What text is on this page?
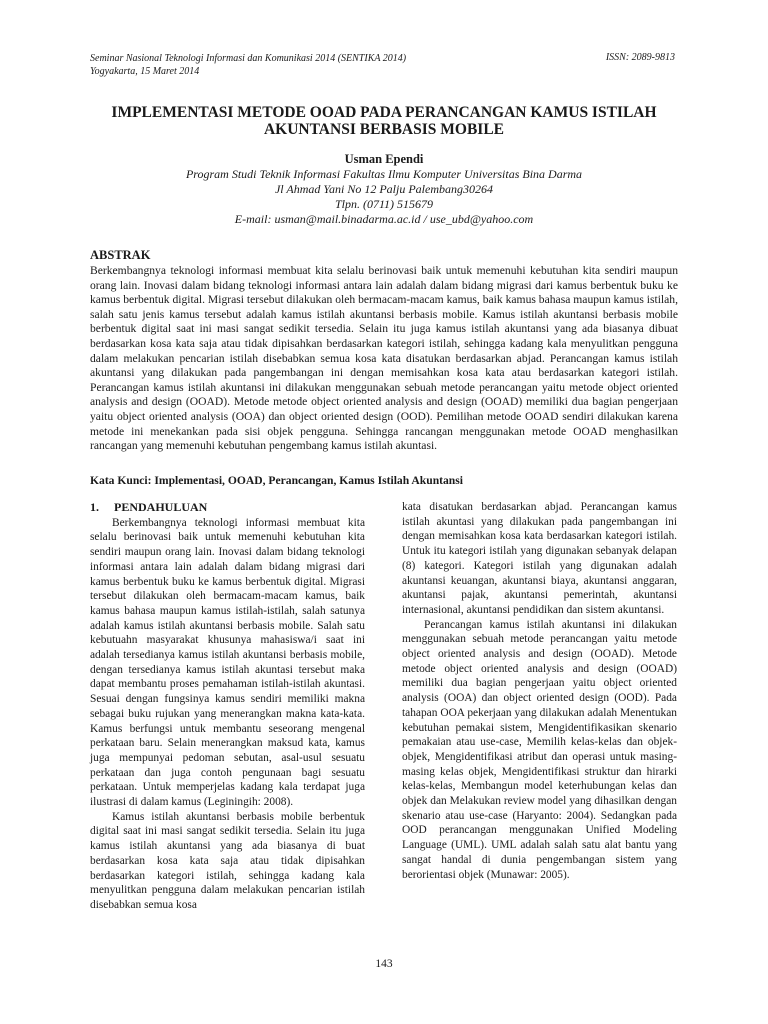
Seminar Nasional Teknologi Informasi dan Komunikasi 2014 (SENTIKA 2014)
Yogyakarta, 15 Maret 2014
ISSN: 2089-9813
IMPLEMENTASI METODE OOAD PADA PERANCANGAN KAMUS ISTILAH
AKUNTANSI BERBASIS MOBILE
Usman Ependi
Program Studi Teknik Informasi Fakultas Ilmu Komputer Universitas Bina Darma
Jl Ahmad Yani No 12 Palju Palembang30264
Tlpn. (0711) 515679
E-mail: usman@mail.binadarma.ac.id / use_ubd@yahoo.com
ABSTRAK
Berkembangnya teknologi informasi membuat kita selalu berinovasi baik untuk memenuhi kebutuhan kita sendiri maupun orang lain. Inovasi dalam bidang teknologi informasi antara lain adalah dalam bidang migrasi dari kamus berbentuk buku ke kamus berbentuk digital. Migrasi tersebut dilakukan oleh bermacam-macam kamus, baik kamus bahasa maupun kamus istilah, salah satu jenis kamus tersebut adalah kamus istilah akuntansi berbasis mobile. Kamus istilah akuntansi berbasis mobile berbentuk digital saat ini masi sangat sedikit tersedia. Selain itu juga kamus istilah akuntansi yang ada biasanya dibuat berdasarkan kosa kata saja atau tidak dipisahkan berdasarkan kategori istilah, sehingga kadang kala menyulitkan pengguna dalam melakukan pencarian istilah disebabkan semua kosa kata disatukan berdasarkan abjad. Perancangan kamus istilah akuntansi yang dilakukan pada pangembangan ini dengan memisahkan kosa kata atau berdasarkan kategori istilah. Perancangan kamus istilah akuntansi ini dilakukan menggunakan sebuah metode perancangan yaitu metode object oriented analysis and design (OOAD). Metode metode object oriented analysis and design (OOAD) memiliki dua bagian pengerjaan yaitu object oriented analysis (OOA) dan object oriented design (OOD). Pemilihan metode OOAD sendiri dilakukan karena metode ini menekankan pada sisi objek pengguna. Sehingga rancangan menggunakan metode OOAD menghasilkan rancangan yang memenuhi kebutuhan pengembang kamus istilah akuntasi.
Kata Kunci: Implementasi, OOAD, Perancangan, Kamus Istilah Akuntansi
1. PENDAHULUAN

Berkembangnya teknologi informasi membuat kita selalu berinovasi baik untuk memenuhi kebutuhan kita sendiri maupun orang lain. Inovasi dalam bidang teknologi informasi antara lain adalah dalam bidang migrasi dari kamus berbentuk buku ke kamus berbentuk digital. Migrasi tersebut dilakukan oleh bermacam-macam kamus, baik kamus bahasa maupun kamus istilah-istilah, salah satunya adalah kamus istilah akuntansi berbasis mobile. Salah satu kebutuahn masyarakat khusunya mahasiswa/i saat ini adalah tersedianya kamus istilah akuntansi berbasis mobile, dengan tersedianya kamus istilah akuntasi tersebut maka dapat membantu proses pemahaman istilah-istilah akuntasi. Sesuai dengan fungsinya kamus sendiri memiliki makna sebagai buku rujukan yang menerangkan makna kata-kata. Kamus berfungsi untuk membantu seseorang mengenal perkataan baru. Selain menerangkan maksud kata, kamus juga mempunyai pedoman sebutan, asal-usul sesuatu perkataan dan juga contoh pengunaan bagi sesuatu perkataan. Untuk memperjelas kadang kala terdapat juga ilustrasi di dalam kamus (Leginingih: 2008).

Kamus istilah akuntansi berbasis mobile berbentuk digital saat ini masi sangat sedikit tersedia. Selain itu juga kamus istilah akuntansi yang ada biasanya di buat berdasarkan kosa kata saja atau tidak dipisahkan berdasarkan kategori istilah, sehingga kadang kala menyulitkan pengguna dalam melakukan pencarian istilah disebabkan semua kosa

kata disatukan berdasarkan abjad. Perancangan kamus istilah akuntasi yang dilakukan pada pangembangan ini dengan memisahkan kosa kata berdasarkan kategori istilah. Untuk itu kategori istilah yang digunakan sebanyak delapan (8) kategori. Kategori istilah yang digunakan adalah akuntansi keuangan, akuntansi biaya, akuntansi anggaran, akuntansi pajak, akuntansi pemerintah, akuntansi internasional, akuntansi pendidikan dan sistem akuntansi.

Perancangan kamus istilah akuntansi ini dilakukan menggunakan sebuah metode perancangan yaitu metode object oriented analysis and design (OOAD). Metode metode object oriented analysis and design (OOAD) memiliki dua bagian pengerjaan yaitu object oriented analysis (OOA) dan object oriented design (OOD). Pada tahapan OOA pekerjaan yang dilakukan adalah Menentukan kebutuhan pemakai sistem, Mengidentifikasikan skenario pemakaian atau use-case, Memilih kelas-kelas dan objek-objek, Mengidentifikasi atribut dan operasi untuk masing-masing kelas objek, Mengidentifikasi struktur dan hirarki kelas-kelas, Membangun model keterhubungan kelas dan objek dan Melakukan review model yang dihasilkan dengan skenario atau use-case (Haryanto: 2004). Sedangkan pada OOD perancangan menggunakan Unified Modeling Language (UML). UML adalah salah satu alat bantu yang sangat handal di dunia pengembangan sistem yang berorientasi objek (Munawar: 2005).

143
